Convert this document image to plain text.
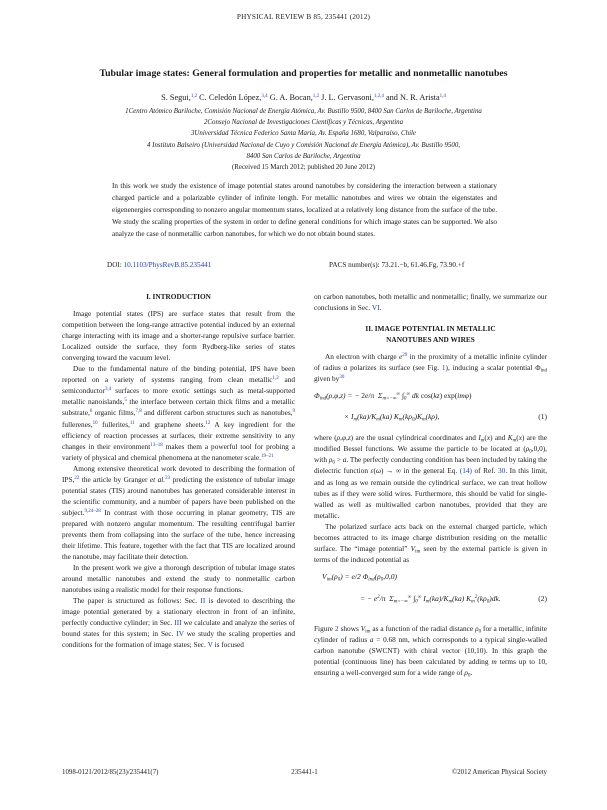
PHYSICAL REVIEW B 85, 235441 (2012)
Tubular image states: General formulation and properties for metallic and nonmetallic nanotubes
S. Segui,$^{1,2}$ C. Celedón López,$^{3,4}$ G. A. Bocan,$^{1,2}$ J. L. Gervasoni,$^{1,2,4}$ and N. R. Arista$^{1,4}$
1Centro Atómico Bariloche, Comisión Nacional de Energía Atómica, Av. Bustillo 9500, 8400 San Carlos de Bariloche, Argentina
2Consejo Nacional de Investigaciones Científicas y Técnicas, Argentina
3Universidad Técnica Federico Santa María, Av. España 1680, Valparaíso, Chile
4 Instituto Balseiro (Universidad Nacional de Cuyo y Comisión Nacional de Energía Atómica), Av. Bustillo 9500,
8400 San Carlos de Bariloche, Argentina
(Received 15 March 2012; published 20 June 2012)
In this work we study the existence of image potential states around nanotubes by considering the interaction between a stationary charged particle and a polarizable cylinder of infinite length. For metallic nanotubes and wires we obtain the eigenstates and eigenenergies corresponding to nonzero angular momentum states, localized at a relatively long distance from the surface of the tube. We study the scaling properties of the system in order to define general conditions for which image states can be supported. We also analyze the case of nonmetallic carbon nanotubes, for which we do not obtain bound states.
DOI: 10.1103/PhysRevB.85.235441	PACS number(s): 73.21.−b, 61.46.Fg, 73.90.+f
I. INTRODUCTION

Image potential states (IPS) are surface states that result from the competition between the long-range attractive potential induced by an external charge interacting with its image and a shorter-range repulsive surface barrier. Localized outside the surface, they form Rydberg-like series of states converging toward the vacuum level.

Due to the fundamental nature of the binding potential, IPS have been reported on a variety of systems ranging from clean metallic$^{1,2}$ and semiconductor$^{3,4}$ surfaces to more exotic settings such as metal-supported metallic nanoislands,$^5$ the interface between certain thick films and a metallic substrate,$^6$ organic films,$^{7,8}$ and different carbon structures such as nanotubes,$^9$ fullerenes,$^{10}$ fullerites,$^{11}$ and graphene sheets.$^{12}$ A key ingredient for the efficiency of reaction processes at surfaces, their extreme sensitivity to any changes in their environment$^{13-18}$ makes them a powerful tool for probing a variety of physical and chemical phenomena at the nanometer scale.$^{19-21}$

Among extensive theoretical work devoted to describing the formation of IPS,$^{22}$ the article by Granger et al.$^{23}$ predicting the existence of tubular image potential states (TIS) around nanotubes has generated considerable interest in the scientific community, and a number of papers have been published on the subject.$^{9,24-28}$ In contrast with those occurring in planar geometry, TIS are prepared with nonzero angular momentum. The resulting centrifugal barrier prevents them from collapsing into the surface of the tube, hence increasing their lifetime. This feature, together with the fact that TIS are localized around the nanotube, may facilitate their detection.

In the present work we give a thorough description of tubular image states around metallic nanotubes and extend the study to nonmetallic carbon nanotubes using a realistic model for their response functions.

The paper is structured as follows: Sec. II is devoted to describing the image potential generated by a stationary electron in front of an infinite, perfectly conductive cylinder; in Sec. III we calculate and analyze the series of bound states for this system; in Sec. IV we study the scaling properties and conditions for the formation of image states; Sec. V is focused

on carbon nanotubes, both metallic and nonmetallic; finally, we summarize our conclusions in Sec. VI.

II. IMAGE POTENTIAL IN METALLIC NANOTUBES AND WIRES

An electron with charge $e^{29}$ in the proximity of a metallic infinite cylinder of radius a polarizes its surface (see Fig. 1), inducing a scalar potential $\Phi_{ind}$ given $by^{30}$

$\Phi_{ind}(\rho,\varphi,z)$ = − 2e/π  $\Sigma_{m=-\infty}^\infty$ $\int_0^\infty$ dk cos(kz) exp(imφ)
× $I_m(ka)/K_m(ka)$ $K_m(k\rho_0)K_m(k\rho)$,	(1)

where (ρ,φ,z) are the usual cylindrical coordinates and $I_m(x)$ and $K_m(x)$ are the modified Bessel functions. We assume the particle to be located at $(\rho_0,0,0)$, with $\rho_0 > a$. The perfectly conducting condition has been included by taking the dielectric function ε(ω) → ∞ in the general Eq. (14) of Ref. 30. In this limit, and as long as we remain outside the cylindrical surface, we can treat hollow tubes as if they were solid wires. Furthermore, this should be valid for single-walled as well as multiwalled carbon nanotubes, provided that they are metallic.

The polarized surface acts back on the external charged particle, which becomes attracted to its image charge distribution residing on the metallic surface. The “image potential” $V_{im}$ seen by the external particle is given in terms of the induced potential as

$V_{im}(\rho_0) = e/2$ $\Phi_{ind}(\rho_0,0,0)$
= − $e^2/\pi$  $\Sigma_{m=-\infty}^\infty$ $\int_0^\infty$ $I_m(ka)/K_m(ka)$ $K_m^2(k\rho_0)dk$.	(2)

Figure 2 shows $V_{im}$ as a function of the radial distance $\rho_0$ for a metallic, infinite cylinder of radius a = 0.68 nm, which corresponds to a typical single-walled carbon nanotube (SWCNT) with chiral vector (10,10). In this graph the potential (continuous line) has been calculated by adding m terms up to 10, ensuring a well-converged sum for a wide range of $\rho_0$.

1098-0121/2012/85(23)/235441(7)	235441-1	©2012 American Physical Society
